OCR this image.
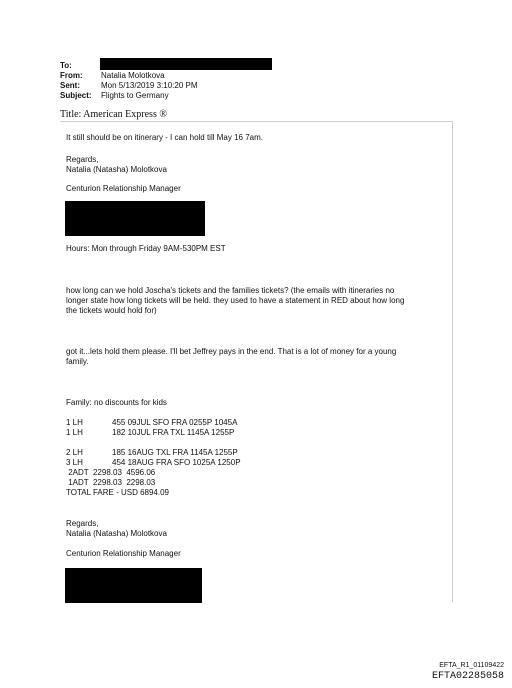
To:
From: Natalia Molotkova
Sent:	Mon 5/13/2019 3:10:20 PM
Subject: Flights to Germany
Title: American Express ®
It still should be on itinerary - I can hold till May 16 7am.
Regards,
Natalia (Natasha) Molotkova
Centurion Relationship Manager
Hours: Mon through Friday 9AM-530PM EST
how long can we hold Joscha's tickets and the families tickets? (the emails with itineraries no
longer state how long tickets will be held. they used to have a statement in RED about how long
the tickets would hold for)
got it...lets hold them please. I'll bet Jeffrey pays in the end. That is a lot of money for a young
family.
Family: no discounts for kids
1 LH	455 09JUL SFO FRA 0255P 1045A
1 LH	182 10JUL FRA TXL 1145A 1255P
2 LH	185 16AUG TXL FRA 1145A 1255P
3 LH	454 18AUG FRA SFO 1025A 1250P
2ADT  2298.03  4596.06
1ADT  2298.03  2298.03
TOTAL FARE - USD 6894.09
Regards,
Natalia (Natasha) Molotkova
Centurion Relationship Manager
EFTA_R1_01109422
EFTA02285058
